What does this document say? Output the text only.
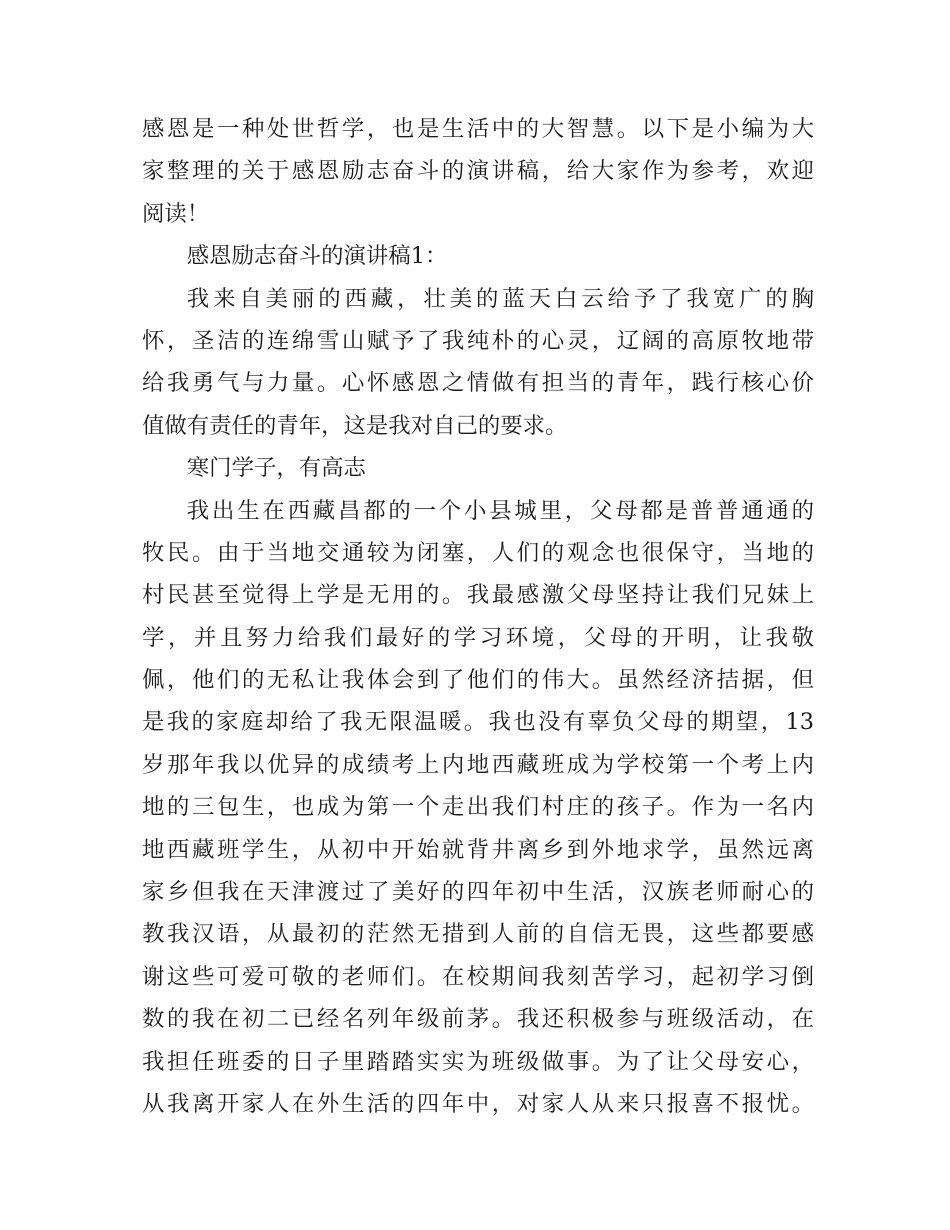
感恩是一种处世哲学，也是生活中的大智慧。以下是小编为大
家整理的关于感恩励志奋斗的演讲稿，给大家作为参考，欢迎
阅读！
感恩励志奋斗的演讲稿1：
我来自美丽的西藏，壮美的蓝天白云给予了我宽广的胸
怀，圣洁的连绵雪山赋予了我纯朴的心灵，辽阔的高原牧地带
给我勇气与力量。心怀感恩之情做有担当的青年，践行核心价
值做有责任的青年，这是我对自己的要求。
寒门学子，有高志
我出生在西藏昌都的一个小县城里，父母都是普普通通的
牧民。由于当地交通较为闭塞，人们的观念也很保守，当地的
村民甚至觉得上学是无用的。我最感激父母坚持让我们兄妹上
学，并且努力给我们最好的学习环境，父母的开明，让我敬
佩，他们的无私让我体会到了他们的伟大。虽然经济拮据，但
是我的家庭却给了我无限温暖。我也没有辜负父母的期望，13
岁那年我以优异的成绩考上内地西藏班成为学校第一个考上内
地的三包生，也成为第一个走出我们村庄的孩子。作为一名内
地西藏班学生，从初中开始就背井离乡到外地求学，虽然远离
家乡但我在天津渡过了美好的四年初中生活，汉族老师耐心的
教我汉语，从最初的茫然无措到人前的自信无畏，这些都要感
谢这些可爱可敬的老师们。在校期间我刻苦学习，起初学习倒
数的我在初二已经名列年级前茅。我还积极参与班级活动，在
我担任班委的日子里踏踏实实为班级做事。为了让父母安心，
从我离开家人在外生活的四年中，对家人从来只报喜不报忧。
